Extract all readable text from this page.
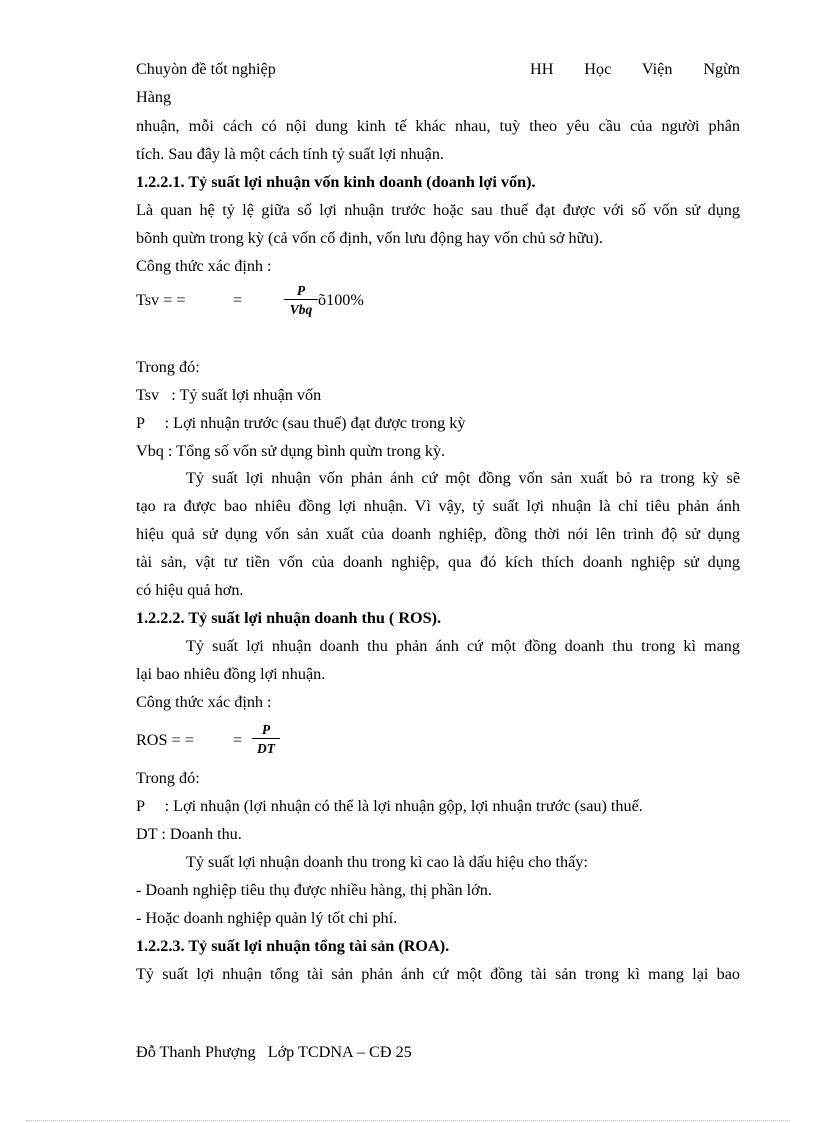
Chuyòn đề tốt nghiệp	HH Học Viện Ngừn
Hàng
nhuận, mỗi cách có nội dung kinh tế khác nhau, tuỳ theo yêu cầu của người phân
tích. Sau đây là một cách tính tỷ suất lợi nhuận.
1.2.2.1. Tỷ suất lợi nhuận vốn kinh doanh (doanh lợi vốn).
Là quan hệ tỷ lệ giữa số lợi nhuận trước hoặc sau thuế đạt được với số vốn sử dụng
bõnh quừn trong kỳ (cả vốn cố định, vốn lưu động hay vốn chủ sở hữu).
Công thức xác định :
Tsv = =	=
P
Vbq
õ100%
Trong đó:
Tsv   : Tỷ suất lợi nhuận vốn
P     : Lợi nhuận trước (sau thuế) đạt được trong kỳ
Vbq : Tổng số vốn sử dụng bình quừn trong kỳ.
Tỷ suất lợi nhuận vốn phản ánh cứ một đồng vốn sản xuất bỏ ra trong kỳ sẽ
tạo ra được bao nhiêu đồng lợi nhuận. Vì vậy, tỷ suất lợi nhuận là chỉ tiêu phản ánh
hiệu quả sử dụng vốn sản xuất của doanh nghiệp, đồng thời nói lên trình độ sử dụng
tài sản, vật tư tiền vốn của doanh nghiệp, qua đó kích thích doanh nghiệp sử dụng
có hiệu quả hơn.
1.2.2.2. Tỷ suất lợi nhuận doanh thu ( ROS).
Tỷ suất lợi nhuận doanh thu phản ánh cứ một đồng doanh thu trong kì mang
lại bao nhiêu đồng lợi nhuận.
Công thức xác định :
ROS = = = $\frac{P}{DT}$
Trong đó:
P     : Lợi nhuận (lợi nhuận có thể là lợi nhuận gộp, lợi nhuận trước (sau) thuế.
DT : Doanh thu.
Tỷ suất lợi nhuận doanh thu trong kì cao là dấu hiệu cho thấy:
- Doanh nghiệp tiêu thụ được nhiều hàng, thị phần lớn.
- Hoặc doanh nghiệp quản lý tốt chi phí.
1.2.2.3. Tỷ suất lợi nhuận tổng tài sản (ROA).
Tỷ suất lợi nhuận tổng tài sản phản ánh cứ một đồng tài sản trong kì mang lại bao
Đỗ Thanh Phượng   Lớp TCDNA – CĐ 25
